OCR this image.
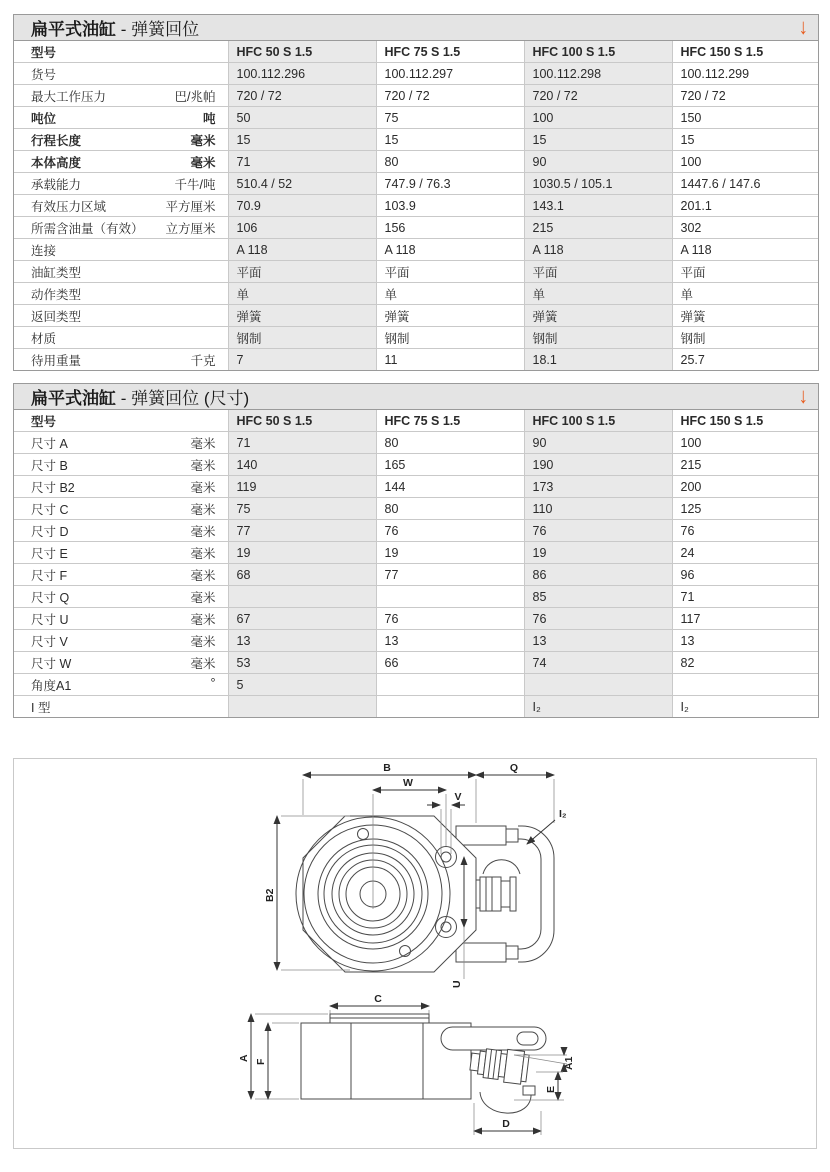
扁平式油缸 - 弹簧回位	↓
型号	HFC 50 S 1.5	HFC 75 S 1.5	HFC 100 S 1.5	HFC 150 S 1.5
货号	100.112.296	100.112.297	100.112.298	100.112.299
最大工作压力 巴/兆帕	720 / 72	720 / 72	720 / 72	720 / 72
吨位 吨	50	75	100	150
行程长度 毫米	15	15	15	15
本体高度 毫米	71	80	90	100
承载能力 千牛/吨	510.4 / 52	747.9 / 76.3	1030.5 / 105.1	1447.6 / 147.6
有效压力区域 平方厘米	70.9	103.9	143.1	201.1
所需含油量（有效） 立方厘米	106	156	215	302
连接	A 118	A 118	A 118	A 118
油缸类型	平面	平面	平面	平面
动作类型	单	单	单	单
返回类型	弹簧	弹簧	弹簧	弹簧
材质	钢制	钢制	钢制	钢制
待用重量 千克	7	11	18.1	25.7
扁平式油缸 - 弹簧回位 (尺寸)	↓
型号	HFC 50 S 1.5	HFC 75 S 1.5	HFC 100 S 1.5	HFC 150 S 1.5
尺寸 A 毫米	71	80	90	100
尺寸 B 毫米	140	165	190	215
尺寸 B2 毫米	119	144	173	200
尺寸 C 毫米	75	80	110	125
尺寸 D 毫米	77	76	76	76
尺寸 E 毫米	19	19	19	24
尺寸 F 毫米	68	77	86	96
尺寸 Q 毫米			85	71
尺寸 U 毫米	67	76	76	117
尺寸 V 毫米	13	13	13	13
尺寸 W 毫米	53	66	74	82
角度A1 °	5			
I 型			I₂	I₂
B
W
V
Q
B2
U
I₂
C
A F	A1
E
D
